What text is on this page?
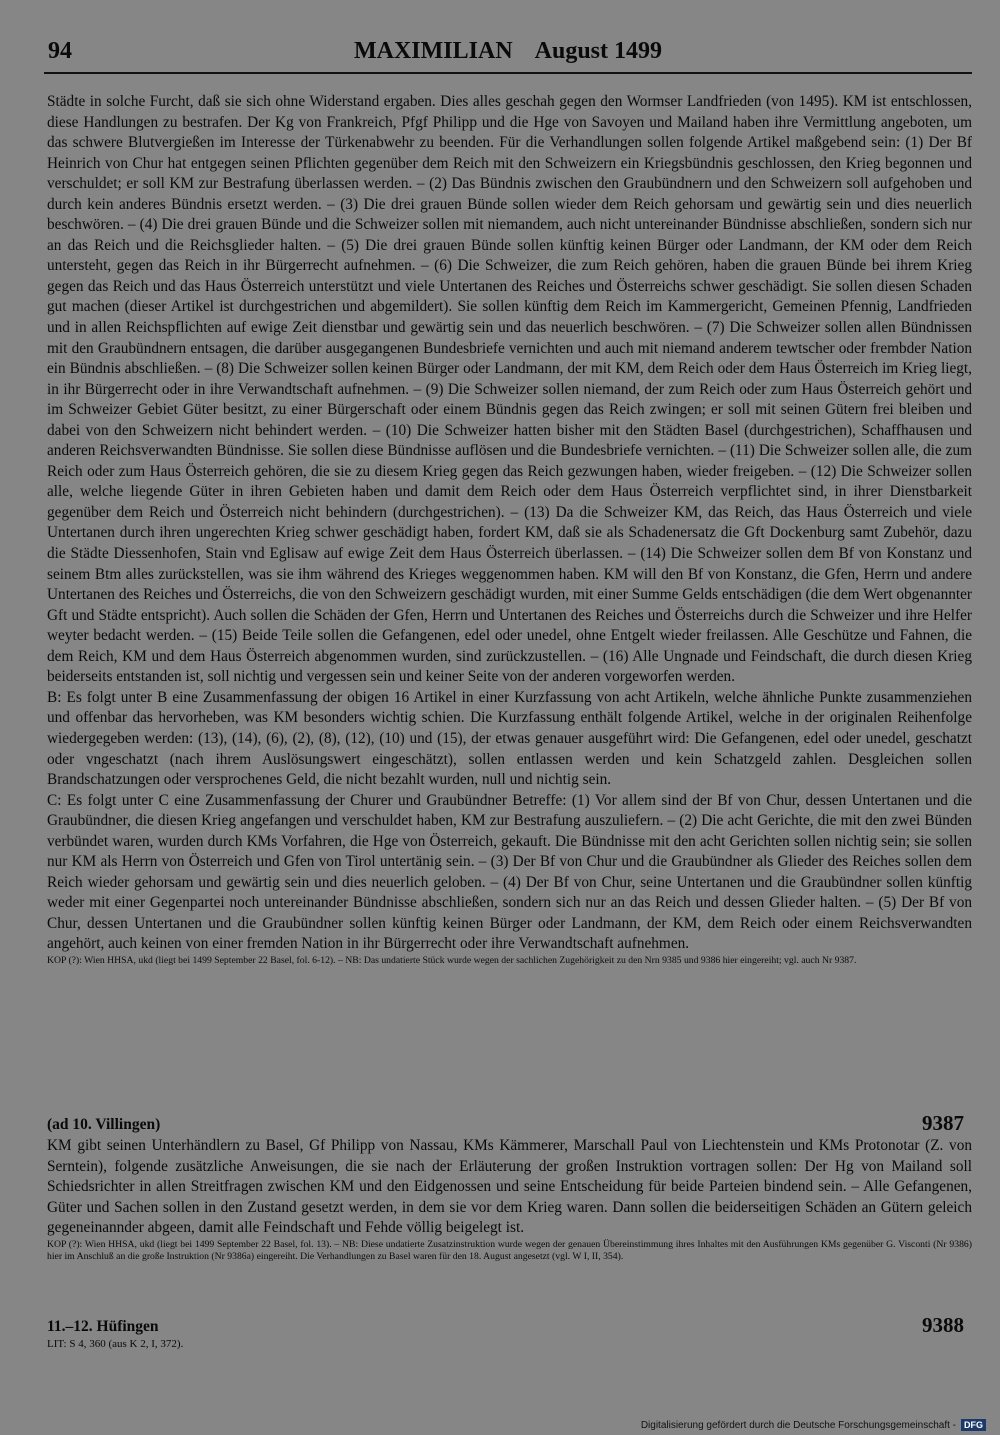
94	MAXIMILIAN August 1499

Städte in solche Furcht, daß sie sich ohne Widerstand ergaben. Dies alles geschah gegen den Wormser Landfrieden (von 1495). KM ist entschlossen, diese Handlungen zu bestrafen. Der Kg von Frankreich, Pfgf Philipp und die Hge von Savoyen und Mailand haben ihre Vermittlung angeboten, um das schwere Blutvergießen im Interesse der Türkenabwehr zu beenden. Für die Verhandlungen sollen folgende Artikel maßgebend sein: (1) Der Bf Heinrich von Chur hat entgegen seinen Pflichten gegenüber dem Reich mit den Schweizern ein Kriegsbündnis geschlossen, den Krieg begonnen und verschuldet; er soll KM zur Bestrafung überlassen werden. – (2) Das Bündnis zwischen den Graubündnern und den Schweizern soll aufgehoben und durch kein anderes Bündnis ersetzt werden. – (3) Die drei grauen Bünde sollen wieder dem Reich gehorsam und gewärtig sein und dies neuerlich beschwören. – (4) Die drei grauen Bünde und die Schweizer sollen mit niemandem, auch nicht untereinander Bündnisse abschließen, sondern sich nur an das Reich und die Reichsglieder halten. – (5) Die drei grauen Bünde sollen künftig keinen Bürger oder Landmann, der KM oder dem Reich untersteht, gegen das Reich in ihr Bürgerrecht aufnehmen. – (6) Die Schweizer, die zum Reich gehören, haben die grauen Bünde bei ihrem Krieg gegen das Reich und das Haus Österreich unterstützt und viele Untertanen des Reiches und Österreichs schwer geschädigt. Sie sollen diesen Schaden gut machen (dieser Artikel ist durchgestrichen und abgemildert). Sie sollen künftig dem Reich im Kammergericht, Gemeinen Pfennig, Landfrieden und in allen Reichspflichten auf ewige Zeit dienstbar und gewärtig sein und das neuerlich beschwören. – (7) Die Schweizer sollen allen Bündnissen mit den Graubündnern entsagen, die darüber ausgegangenen Bundesbriefe vernichten und auch mit niemand anderem tewtscher oder frembder Nation ein Bündnis abschließen. – (8) Die Schweizer sollen keinen Bürger oder Landmann, der mit KM, dem Reich oder dem Haus Österreich im Krieg liegt, in ihr Bürgerrecht oder in ihre Verwandtschaft aufnehmen. – (9) Die Schweizer sollen niemand, der zum Reich oder zum Haus Österreich gehört und im Schweizer Gebiet Güter besitzt, zu einer Bürgerschaft oder einem Bündnis gegen das Reich zwingen; er soll mit seinen Gütern frei bleiben und dabei von den Schweizern nicht behindert werden. – (10) Die Schweizer hatten bisher mit den Städten Basel (durchgestrichen), Schaffhausen und anderen Reichsverwandten Bündnisse. Sie sollen diese Bündnisse auflösen und die Bundesbriefe vernichten. – (11) Die Schweizer sollen alle, die zum Reich oder zum Haus Österreich gehören, die sie zu diesem Krieg gegen das Reich gezwungen haben, wieder freigeben. – (12) Die Schweizer sollen alle, welche liegende Güter in ihren Gebieten haben und damit dem Reich oder dem Haus Österreich verpflichtet sind, in ihrer Dienstbarkeit gegenüber dem Reich und Österreich nicht behindern (durchgestrichen). – (13) Da die Schweizer KM, das Reich, das Haus Österreich und viele Untertanen durch ihren ungerechten Krieg schwer geschädigt haben, fordert KM, daß sie als Schadenersatz die Gft Dockenburg samt Zubehör, dazu die Städte Diessenhofen, Stain vnd Eglisaw auf ewige Zeit dem Haus Österreich überlassen. – (14) Die Schweizer sollen dem Bf von Konstanz und seinem Btm alles zurückstellen, was sie ihm während des Krieges weggenommen haben. KM will den Bf von Konstanz, die Gfen, Herrn und andere Untertanen des Reiches und Österreichs, die von den Schweizern geschädigt wurden, mit einer Summe Gelds entschädigen (die dem Wert obgenannter Gft und Städte entspricht). Auch sollen die Schäden der Gfen, Herrn und Untertanen des Reiches und Österreichs durch die Schweizer und ihre Helfer weyter bedacht werden. – (15) Beide Teile sollen die Gefangenen, edel oder unedel, ohne Entgelt wieder freilassen. Alle Geschütze und Fahnen, die dem Reich, KM und dem Haus Österreich abgenommen wurden, sind zurückzustellen. – (16) Alle Ungnade und Feindschaft, die durch diesen Krieg beiderseits entstanden ist, soll nichtig und vergessen sein und keiner Seite von der anderen vorgeworfen werden.

B: Es folgt unter B eine Zusammenfassung der obigen 16 Artikel in einer Kurzfassung von acht Artikeln, welche ähnliche Punkte zusammenziehen und offenbar das hervorheben, was KM besonders wichtig schien. Die Kurzfassung enthält folgende Artikel, welche in der originalen Reihenfolge wiedergegeben werden: (13), (14), (6), (2), (8), (12), (10) und (15), der etwas genauer ausgeführt wird: Die Gefangenen, edel oder unedel, geschatzt oder vngeschatzt (nach ihrem Auslösungswert eingeschätzt), sollen entlassen werden und kein Schatzgeld zahlen. Desgleichen sollen Brandschatzungen oder versprochenes Geld, die nicht bezahlt wurden, null und nichtig sein.

C: Es folgt unter C eine Zusammenfassung der Churer und Graubündner Betreffe: (1) Vor allem sind der Bf von Chur, dessen Untertanen und die Graubündner, die diesen Krieg angefangen und verschuldet haben, KM zur Bestrafung auszuliefern. – (2) Die acht Gerichte, die mit den zwei Bünden verbündet waren, wurden durch KMs Vorfahren, die Hge von Österreich, gekauft. Die Bündnisse mit den acht Gerichten sollen nichtig sein; sie sollen nur KM als Herrn von Österreich und Gfen von Tirol untertänig sein. – (3) Der Bf von Chur und die Graubündner als Glieder des Reiches sollen dem Reich wieder gehorsam und gewärtig sein und dies neuerlich geloben. – (4) Der Bf von Chur, seine Untertanen und die Graubündner sollen künftig weder mit einer Gegenpartei noch untereinander Bündnisse abschließen, sondern sich nur an das Reich und dessen Glieder halten. – (5) Der Bf von Chur, dessen Untertanen und die Graubündner sollen künftig keinen Bürger oder Landmann, der KM, dem Reich oder einem Reichsverwandten angehört, auch keinen von einer fremden Nation in ihr Bürgerrecht oder ihre Verwandtschaft aufnehmen.

KOP (?): Wien HHSA, ukd (liegt bei 1499 September 22 Basel, fol. 6-12). – NB: Das undatierte Stück wurde wegen der sachlichen Zugehörigkeit zu den Nrn 9385 und 9386 hier eingereiht; vgl. auch Nr 9387.

(ad 10. Villingen)	9387

KM gibt seinen Unterhändlern zu Basel, Gf Philipp von Nassau, KMs Kämmerer, Marschall Paul von Liechtenstein und KMs Protonotar (Z. von Serntein), folgende zusätzliche Anweisungen, die sie nach der Erläuterung der großen Instruktion vortragen sollen: Der Hg von Mailand soll Schiedsrichter in allen Streitfragen zwischen KM und den Eidgenossen und seine Entscheidung für beide Parteien bindend sein. – Alle Gefangenen, Güter und Sachen sollen in den Zustand gesetzt werden, in dem sie vor dem Krieg waren. Dann sollen die beiderseitigen Schäden an Gütern geleich gegeneinannder abgeen, damit alle Feindschaft und Fehde völlig beigelegt ist.

KOP (?): Wien HHSA, ukd (liegt bei 1499 September 22 Basel, fol. 13). – NB: Diese undatierte Zusatzinstruktion wurde wegen der genauen Übereinstimmung ihres Inhaltes mit den Ausführungen KMs gegenüber G. Visconti (Nr 9386) hier im Anschluß an die große Instruktion (Nr 9386a) eingereiht. Die Verhandlungen zu Basel waren für den 18. August angesetzt (vgl. W I, II, 354).

11.–12. Hüfingen	9388

LIT: S 4, 360 (aus K 2, I, 372).

Digitalisierung gefördert durch die Deutsche Forschungsgemeinschaft - DFG
